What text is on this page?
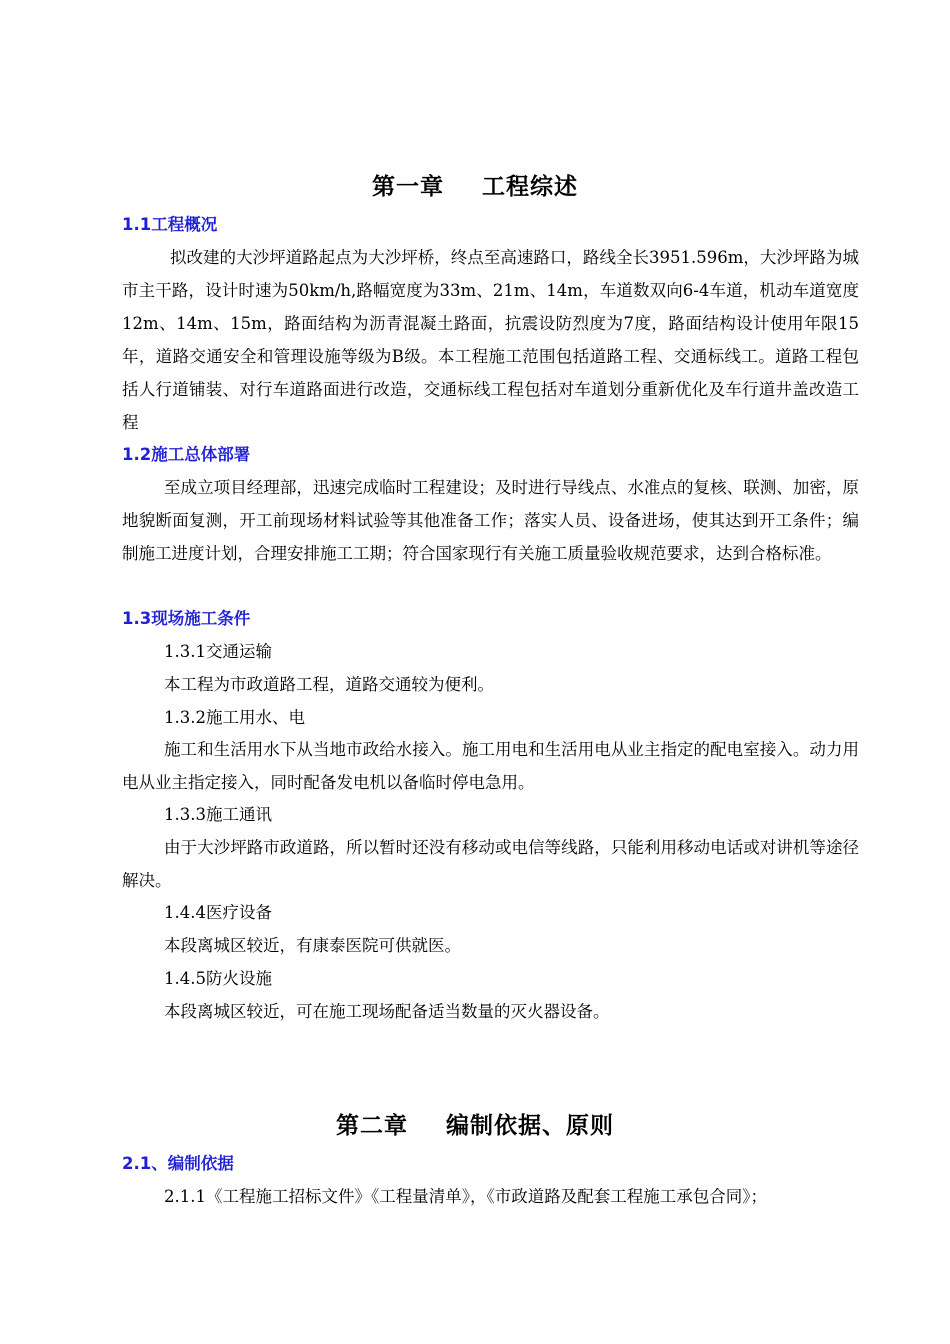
第一章 工程综述
1.1工程概况

拟改建的大沙坪道路起点为大沙坪桥，终点至高速路口，路线全长3951.596m，大沙坪路为城市主干路，设计时速为50km/h,路幅宽度为33m、21m、14m，车道数双向6-4车道，机动车道宽度12m、14m、15m，路面结构为沥青混凝土路面，抗震设防烈度为7度，路面结构设计使用年限15年，道路交通安全和管理设施等级为B级。本工程施工范围包括道路工程、交通标线工。道路工程包括人行道铺装、对行车道路面进行改造，交通标线工程包括对车道划分重新优化及车行道井盖改造工程

1.2施工总体部署

至成立项目经理部，迅速完成临时工程建设；及时进行导线点、水准点的复核、联测、加密，原地貌断面复测，开工前现场材料试验等其他准备工作；落实人员、设备进场，使其达到开工条件；编制施工进度计划，合理安排施工工期；符合国家现行有关施工质量验收规范要求，达到合格标准。

1.3现场施工条件
1.3.1交通运输
本工程为市政道路工程，道路交通较为便利。
1.3.2施工用水、电

施工和生活用水下从当地市政给水接入。施工用电和生活用电从业主指定的配电室接入。动力用电从业主指定接入，同时配备发电机以备临时停电急用。

1.3.3施工通讯

由于大沙坪路市政道路，所以暂时还没有移动或电信等线路，只能利用移动电话或对讲机等途径解决。

1.4.4医疗设备
本段离城区较近，有康泰医院可供就医。
1.4.5防火设施
本段离城区较近，可在施工现场配备适当数量的灭火器设备。
第二章 编制依据、原则
2.1、编制依据

2.1.1《工程施工招标文件》《工程量清单》，《市政道路及配套工程施工承包合同》；
